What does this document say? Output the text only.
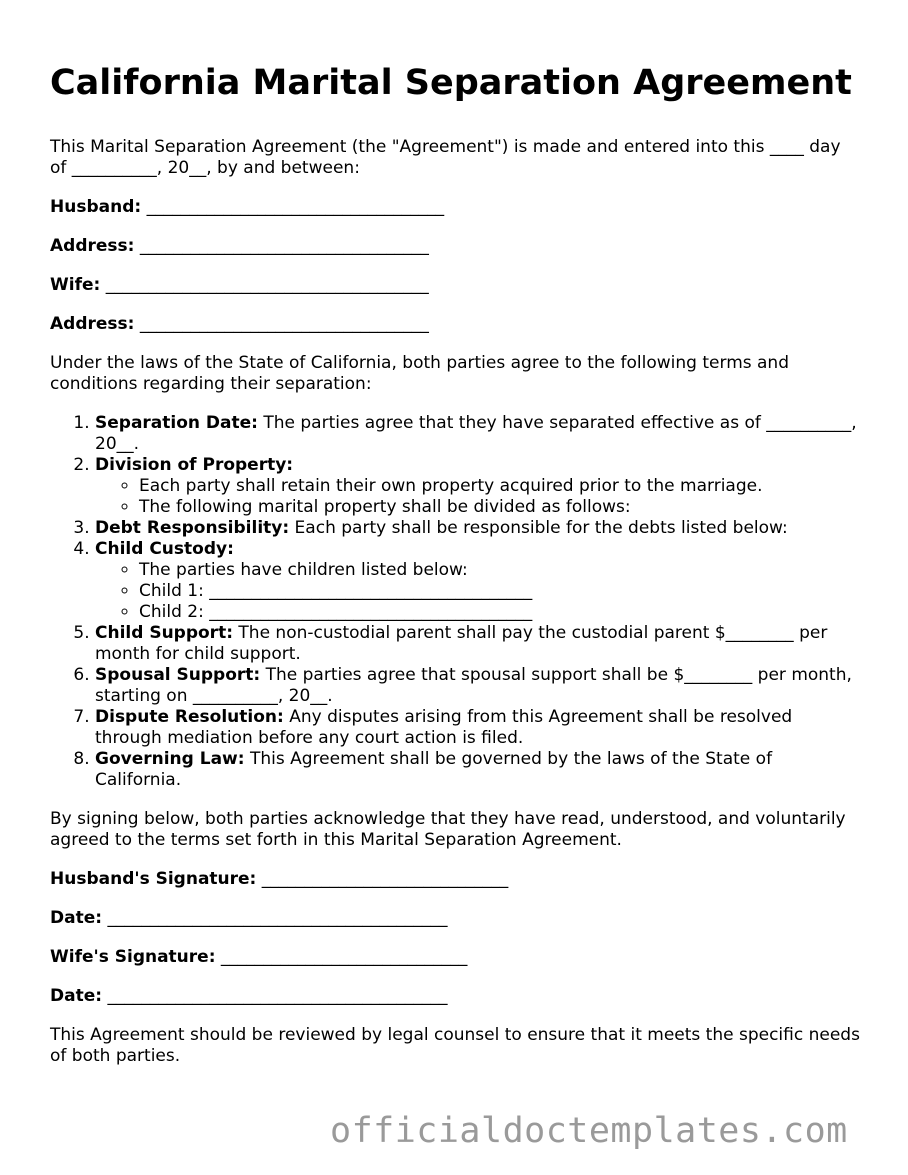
California Marital Separation Agreement

This Marital Separation Agreement (the "Agreement") is made and entered into this ____ day of __________, 20__, by and between:

Husband: ___________________________________
Address: __________________________________
Wife: ______________________________________
Address: __________________________________

Under the laws of the State of California, both parties agree to the following terms and conditions regarding their separation:

1. Separation Date: The parties agree that they have separated effective as of __________, 20__.
2. Division of Property:
◦ Each party shall retain their own property acquired prior to the marriage.
◦ The following marital property shall be divided as follows:
3. Debt Responsibility: Each party shall be responsible for the debts listed below:
4. Child Custody:
◦ The parties have children listed below:
◦ Child 1: ______________________________________
◦ Child 2: ______________________________________
5. Child Support: The non-custodial parent shall pay the custodial parent $________ per month for child support.
6. Spousal Support: The parties agree that spousal support shall be $________ per month, starting on __________, 20__.
7. Dispute Resolution: Any disputes arising from this Agreement shall be resolved through mediation before any court action is filed.
8. Governing Law: This Agreement shall be governed by the laws of the State of California.

By signing below, both parties acknowledge that they have read, understood, and voluntarily agreed to the terms set forth in this Marital Separation Agreement.

Husband's Signature: _____________________________
Date: ________________________________________
Wife's Signature: _____________________________
Date: ________________________________________

This Agreement should be reviewed by legal counsel to ensure that it meets the specific needs of both parties.

officialdoctemplates.com
